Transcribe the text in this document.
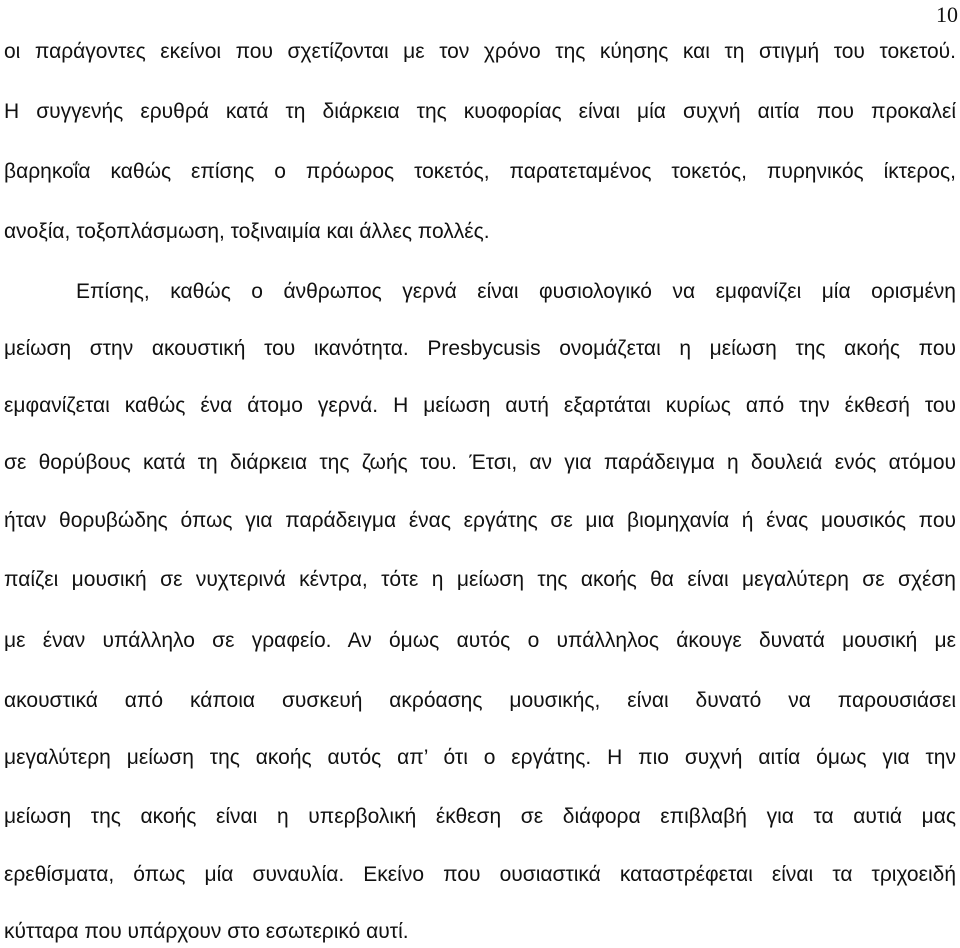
10
οι παράγοντες εκείνοι που σχετίζονται με τον χρόνο της κύησης και τη στιγμή του τοκετού.
Η συγγενής ερυθρά κατά τη διάρκεια της κυοφορίας είναι μία συχνή αιτία που προκαλεί
βαρηκοΐα καθώς επίσης ο πρόωρος τοκετός, παρατεταμένος τοκετός, πυρηνικός ίκτερος,
ανοξία, τοξοπλάσμωση, τοξιναιμία και άλλες πολλές.
Επίσης, καθώς ο άνθρωπος γερνά είναι φυσιολογικό να εμφανίζει μία ορισμένη
μείωση στην ακουστική του ικανότητα. Presbycusis ονομάζεται η μείωση της ακοής που
εμφανίζεται καθώς ένα άτομο γερνά. Η μείωση αυτή εξαρτάται κυρίως από την έκθεσή του
σε θορύβους κατά τη διάρκεια της ζωής του. Έτσι, αν για παράδειγμα η δουλειά ενός ατόμου
ήταν θορυβώδης όπως για παράδειγμα ένας εργάτης σε μια βιομηχανία ή ένας μουσικός που
παίζει μουσική σε νυχτερινά κέντρα, τότε η μείωση της ακοής θα είναι μεγαλύτερη σε σχέση
με έναν υπάλληλο σε γραφείο. Αν όμως αυτός ο υπάλληλος άκουγε δυνατά μουσική με
ακουστικά από κάποια συσκευή ακρόασης μουσικής, είναι δυνατό να παρουσιάσει
μεγαλύτερη μείωση της ακοής αυτός απ’ ότι ο εργάτης. Η πιο συχνή αιτία όμως για την
μείωση της ακοής είναι η υπερβολική έκθεση σε διάφορα επιβλαβή για τα αυτιά μας
ερεθίσματα, όπως μία συναυλία. Εκείνο που ουσιαστικά καταστρέφεται είναι τα τριχοειδή
κύτταρα που υπάρχουν στο εσωτερικό αυτί.
